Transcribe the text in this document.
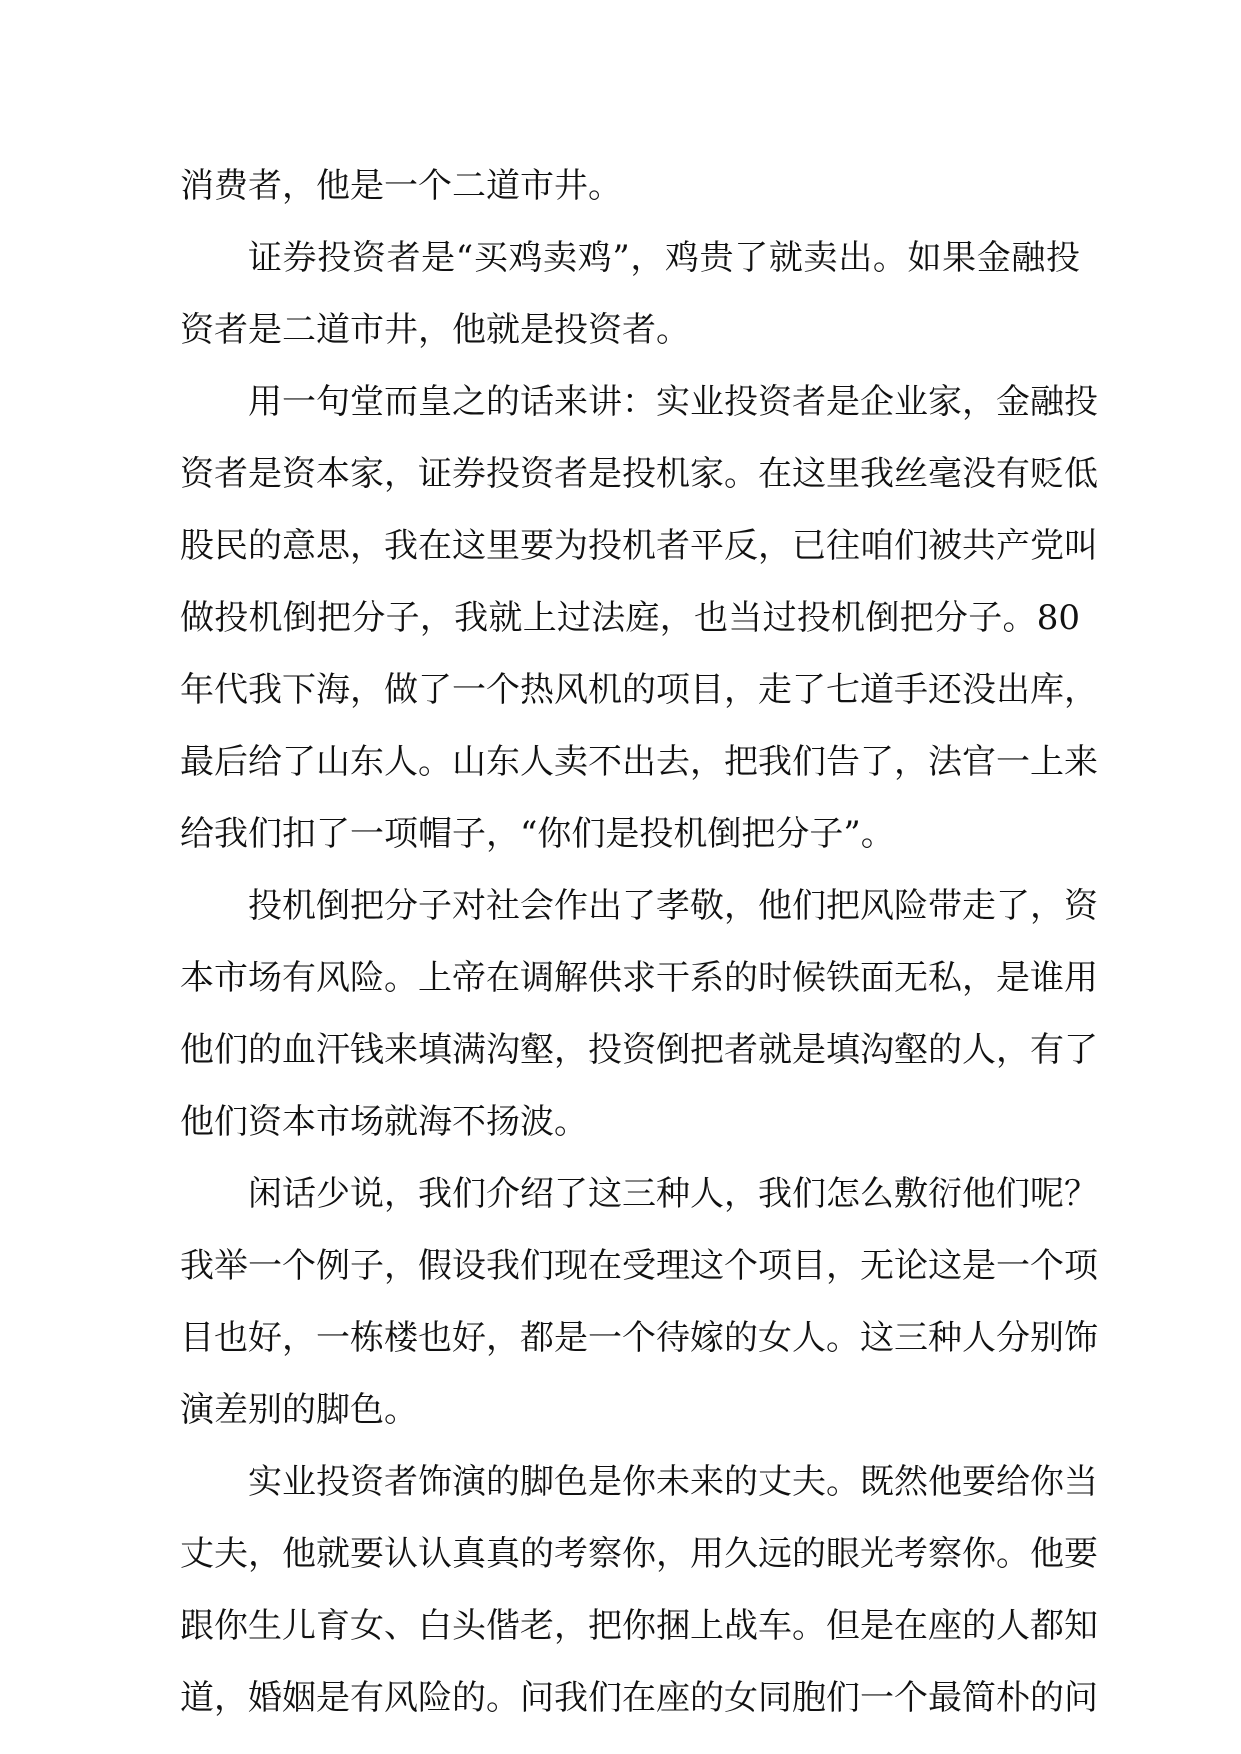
消费者，他是一个二道市井。
证券投资者是“买鸡卖鸡”，鸡贵了就卖出。如果金融投
资者是二道市井，他就是投资者。
用一句堂而皇之的话来讲：实业投资者是企业家，金融投
资者是资本家，证券投资者是投机家。在这里我丝毫没有贬低
股民的意思，我在这里要为投机者平反，已往咱们被共产党叫
做投机倒把分子，我就上过法庭，也当过投机倒把分子。80
年代我下海，做了一个热风机的项目，走了七道手还没出库，
最后给了山东人。山东人卖不出去，把我们告了，法官一上来
给我们扣了一项帽子，“你们是投机倒把分子”。
投机倒把分子对社会作出了孝敬，他们把风险带走了，资
本市场有风险。上帝在调解供求干系的时候铁面无私，是谁用
他们的血汗钱来填满沟壑，投资倒把者就是填沟壑的人，有了
他们资本市场就海不扬波。
闲话少说，我们介绍了这三种人，我们怎么敷衍他们呢？
我举一个例子，假设我们现在受理这个项目，无论这是一个项
目也好，一栋楼也好，都是一个待嫁的女人。这三种人分别饰
演差别的脚色。
实业投资者饰演的脚色是你未来的丈夫。既然他要给你当
丈夫，他就要认认真真的考察你，用久远的眼光考察你。他要
跟你生儿育女、白头偕老，把你捆上战车。但是在座的人都知
道，婚姻是有风险的。问我们在座的女同胞们一个最简朴的问
